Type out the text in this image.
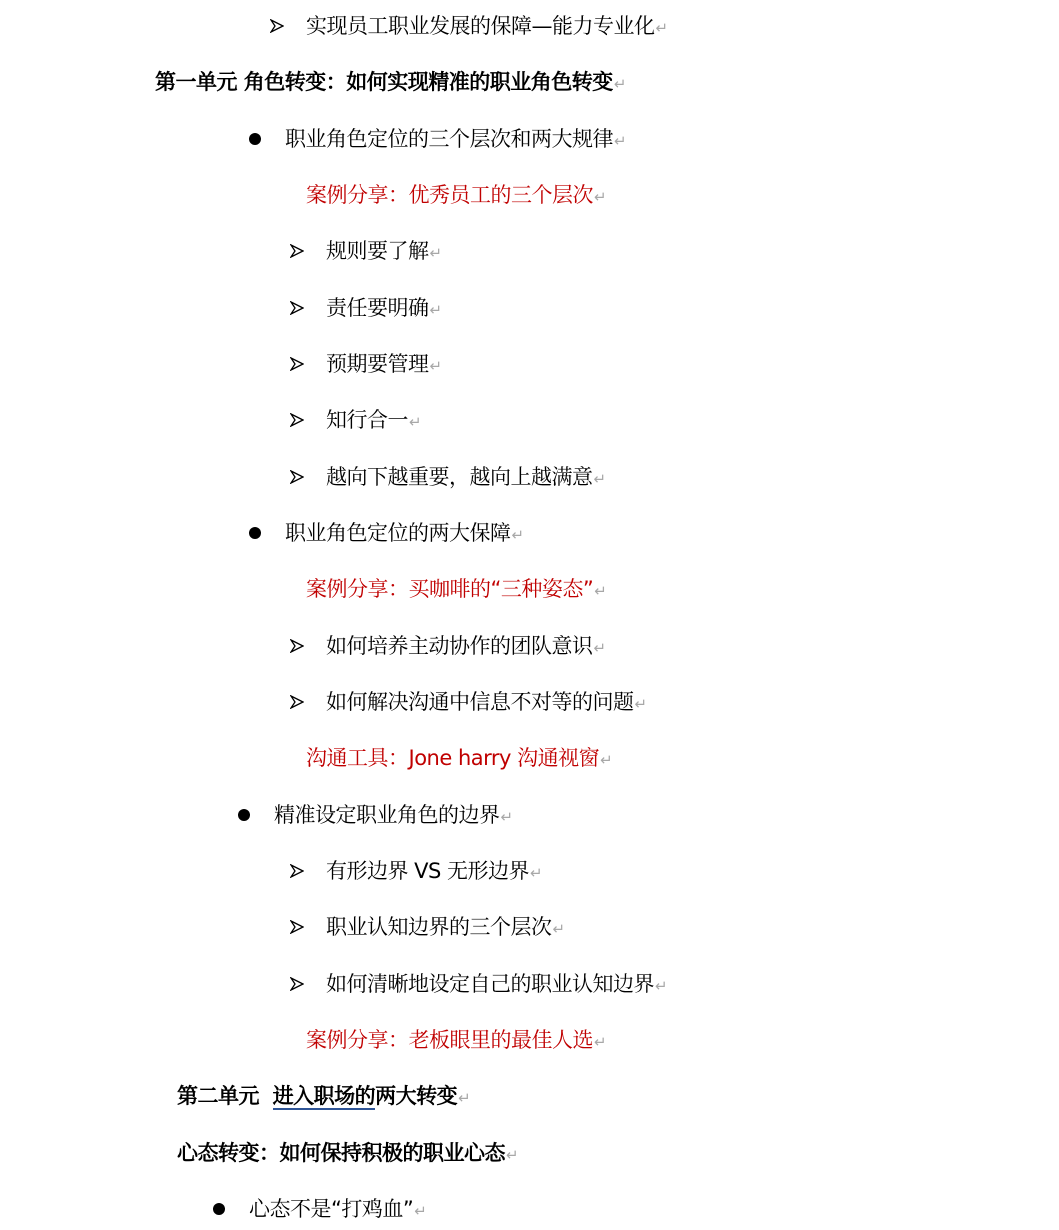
实现员工职业发展的保障—能力专业化↵
第一单元 角色转变：如何实现精准的职业角色转变↵
职业角色定位的三个层次和两大规律↵
案例分享：优秀员工的三个层次↵
规则要了解↵
责任要明确↵
预期要管理↵
知行合一↵
越向下越重要，越向上越满意↵
职业角色定位的两大保障↵
案例分享：买咖啡的“三种姿态”↵
如何培养主动协作的团队意识↵
如何解决沟通中信息不对等的问题↵
沟通工具：Jone harry 沟通视窗↵
精准设定职业角色的边界↵
有形边界 VS 无形边界↵
职业认知边界的三个层次↵
如何清晰地设定自己的职业认知边界↵
案例分享：老板眼里的最佳人选↵
第二单元  进入职场的两大转变↵
心态转变：如何保持积极的职业心态↵
心态不是“打鸡血”↵
